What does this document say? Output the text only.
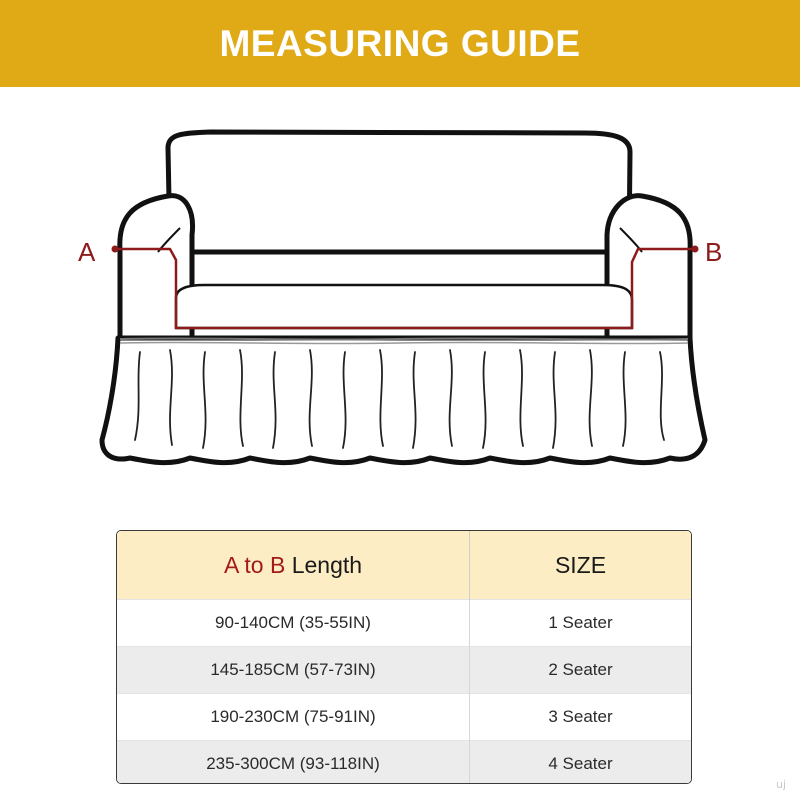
MEASURING GUIDE
A	B
A to B Length	SIZE
90-140CM (35-55IN)	1 Seater
145-185CM (57-73IN)	2 Seater
190-230CM (75-91IN)	3 Seater
235-300CM (93-118IN)	4 Seater
uj
